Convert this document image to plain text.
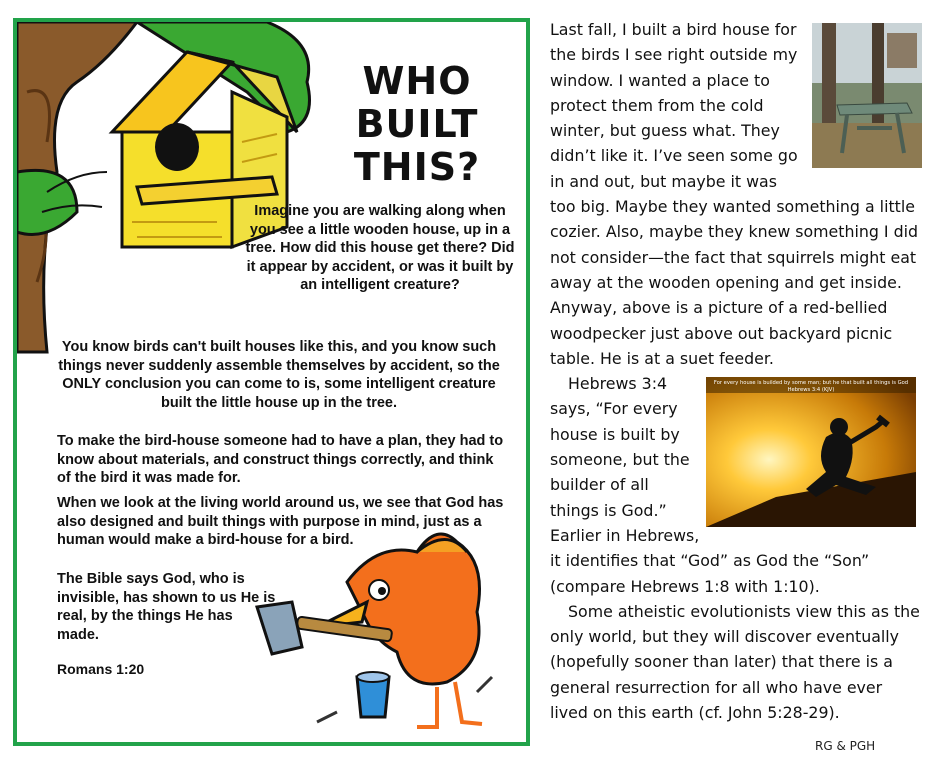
WHO
BUILT
THIS?
Imagine you are walking along when you see a little wooden house, up in a tree. How did this house get there? Did it appear by accident, or was it built by an intelligent creature?
You know birds can't built houses like this, and you know such things never suddenly assemble themselves by accident, so the ONLY conclusion you can come to is, some intelligent creature built the little house up in the tree.
To make the bird-house someone had to have a plan, they had to know about materials, and construct things correctly, and think of the bird it was made for.
When we look at the living world around us, we see that God has also designed and built things with purpose in mind, just as a human would make a bird-house for a bird.
The Bible says God, who is invisible, has shown to us He is real, by the things He has made.
Romans 1:20

Last fall, I built a bird house for the birds I see right outside my window. I wanted a place to protect them from the cold winter, but guess what. They didn’t like it. I’ve seen some go in and out, but maybe it was too big. Maybe they wanted something a little cozier. Also, maybe they knew something I did not consider—the fact that squirrels might eat away at the wooden opening and get inside. Anyway, above is a picture of a red-bellied woodpecker just above out backyard picnic table. He is at a suet feeder.

For every house is builded by some man; but he that built all things is God
Hebrews 3:4 (KJV)

Hebrews 3:4 says, “For every house is built by someone, but the builder of all things is God.” Earlier in Hebrews, it identifies that “God” as God the “Son” (compare Hebrews 1:8 with 1:10).

Some atheistic evolutionists view this as the only world, but they will discover eventually (hopefully sooner than later) that there is a general resurrection for all who have ever lived on this earth (cf. John 5:28-29).

RG & PGH
